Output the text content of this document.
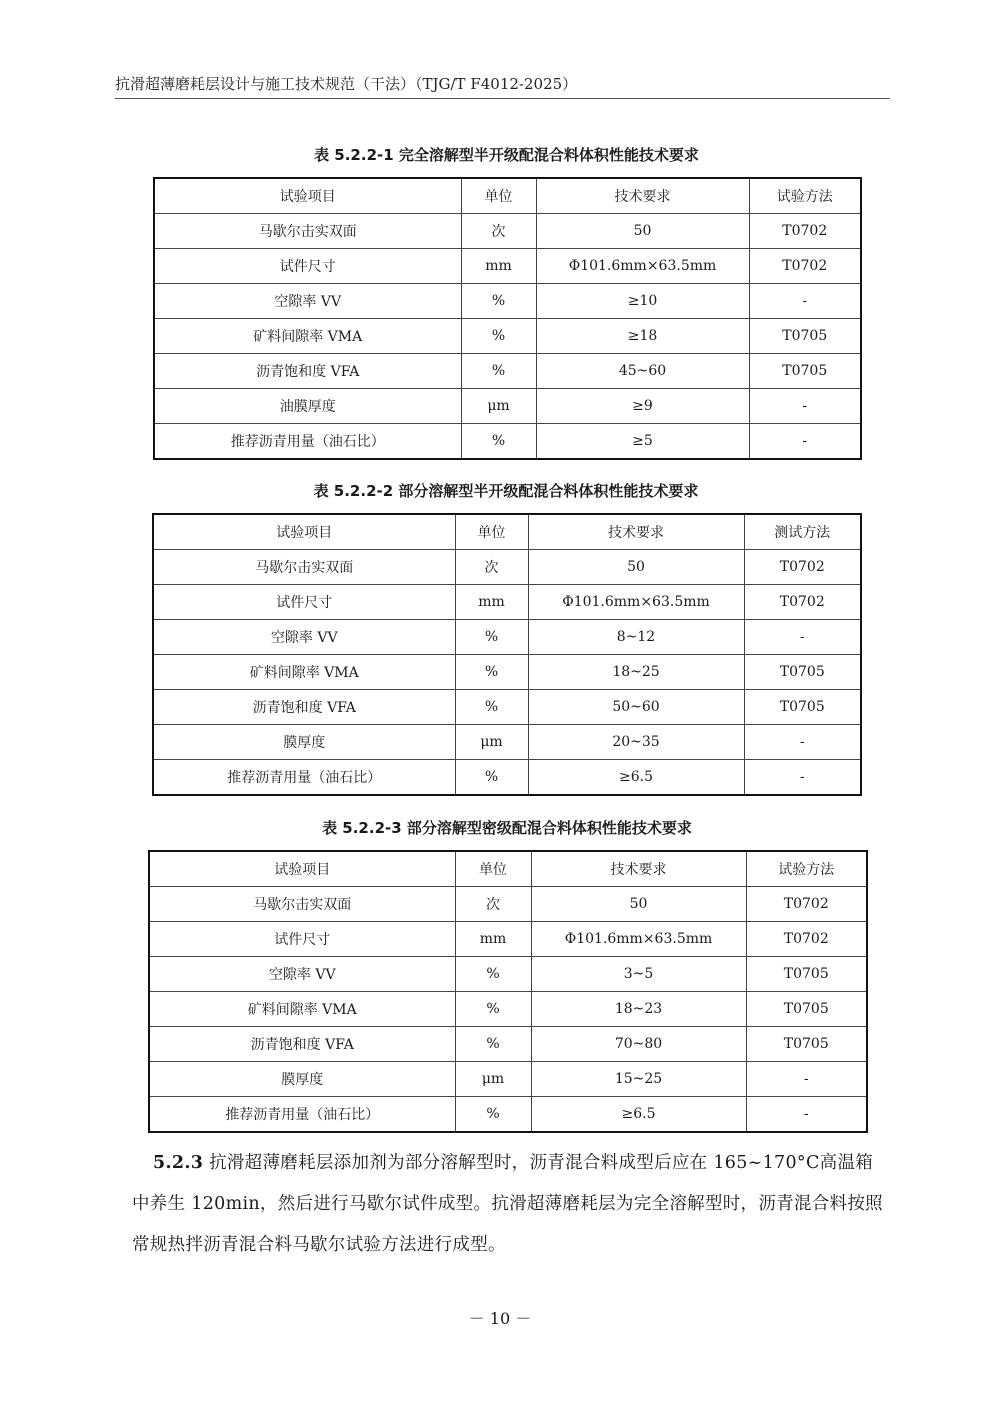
抗滑超薄磨耗层设计与施工技术规范（干法）（TJG/T F4012-2025）
表 5.2.2-1 完全溶解型半开级配混合料体积性能技术要求
试验项目	单位	技术要求	试验方法
马歇尔击实双面	次	50	T0702
试件尺寸	mm	Φ101.6mm×63.5mm	T0702
空隙率 VV	%	≥10	-
矿料间隙率 VMA	%	≥18	T0705
沥青饱和度 VFA	%	45~60	T0705
油膜厚度	μm	≥9	-
推荐沥青用量（油石比）	%	≥5	-
表 5.2.2-2 部分溶解型半开级配混合料体积性能技术要求
试验项目	单位	技术要求	测试方法
马歇尔击实双面	次	50	T0702
试件尺寸	mm	Φ101.6mm×63.5mm	T0702
空隙率 VV	%	8~12	-
矿料间隙率 VMA	%	18~25	T0705
沥青饱和度 VFA	%	50~60	T0705
膜厚度	μm	20~35	-
推荐沥青用量（油石比）	%	≥6.5	-
表 5.2.2-3 部分溶解型密级配混合料体积性能技术要求
试验项目	单位	技术要求	试验方法
马歇尔击实双面	次	50	T0702
试件尺寸	mm	Φ101.6mm×63.5mm	T0702
空隙率 VV	%	3~5	T0705
矿料间隙率 VMA	%	18~23	T0705
沥青饱和度 VFA	%	70~80	T0705
膜厚度	μm	15~25	-
推荐沥青用量（油石比）	%	≥6.5	-
5.2.3 抗滑超薄磨耗层添加剂为部分溶解型时，沥青混合料成型后应在 165~170°C高温箱中养生 120min，然后进行马歇尔试件成型。抗滑超薄磨耗层为完全溶解型时，沥青混合料按照常规热拌沥青混合料马歇尔试验方法进行成型。
－ 10 －
